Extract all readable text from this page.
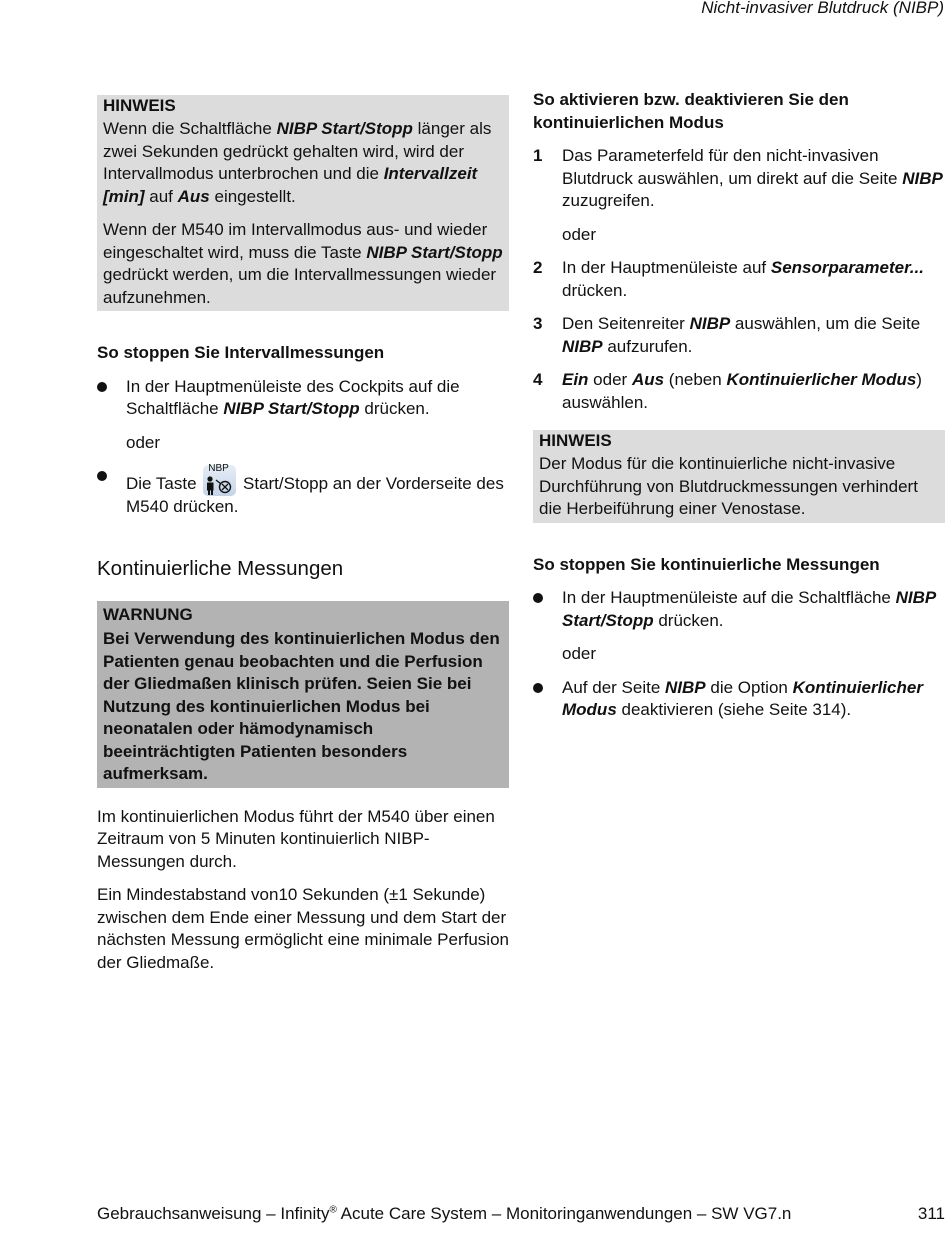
Nicht-invasiver Blutdruck (NIBP)
HINWEIS

Wenn die Schaltfläche NIBP Start/Stopp länger als zwei Sekunden gedrückt gehalten wird, wird der Intervallmodus unterbrochen und die Intervallzeit [min] auf Aus eingestellt.

Wenn der M540 im Intervallmodus aus- und wieder eingeschaltet wird, muss die Taste NIBP Start/Stopp gedrückt werden, um die Intervallmessungen wieder aufzunehmen.

So stoppen Sie Intervallmessungen
In der Hauptmenüleiste des Cockpits auf die Schaltfläche NIBP Start/Stopp drücken.
oder
Die Taste
NBP
Start/Stopp an der Vorderseite des M540 drücken.
Kontinuierliche Messungen
WARNUNG

Bei Verwendung des kontinuierlichen Modus den Patienten genau beobachten und die Perfusion der Gliedmaßen klinisch prüfen. Seien Sie bei Nutzung des kontinuierlichen Modus bei neonatalen oder hämodynamisch beeinträchtigten Patienten besonders aufmerksam.

Im kontinuierlichen Modus führt der M540 über einen Zeitraum von 5 Minuten kontinuierlich NIBP-Messungen durch.

Ein Mindestabstand von10 Sekunden (±1 Sekunde) zwischen dem Ende einer Messung und dem Start der nächsten Messung ermöglicht eine minimale Perfusion der Gliedmaße.

So aktivieren bzw. deaktivieren Sie den kontinuierlichen Modus
1 Das Parameterfeld für den nicht-invasiven Blutdruck auswählen, um direkt auf die Seite NIBP zuzugreifen.
oder
2 In der Hauptmenüleiste auf Sensorparameter... drücken.
3 Den Seitenreiter NIBP auswählen, um die Seite NIBP aufzurufen.
4 Ein oder Aus (neben Kontinuierlicher Modus) auswählen.
HINWEIS

Der Modus für die kontinuierliche nicht-invasive Durchführung von Blutdruckmessungen verhindert die Herbeiführung einer Venostase.

So stoppen Sie kontinuierliche Messungen
In der Hauptmenüleiste auf die Schaltfläche NIBP Start/Stopp drücken.
oder
Auf der Seite NIBP die Option Kontinuierlicher Modus deaktivieren (siehe Seite 314).
Gebrauchsanweisung – Infinity® Acute Care System – Monitoringanwendungen – SW VG7.n	311
